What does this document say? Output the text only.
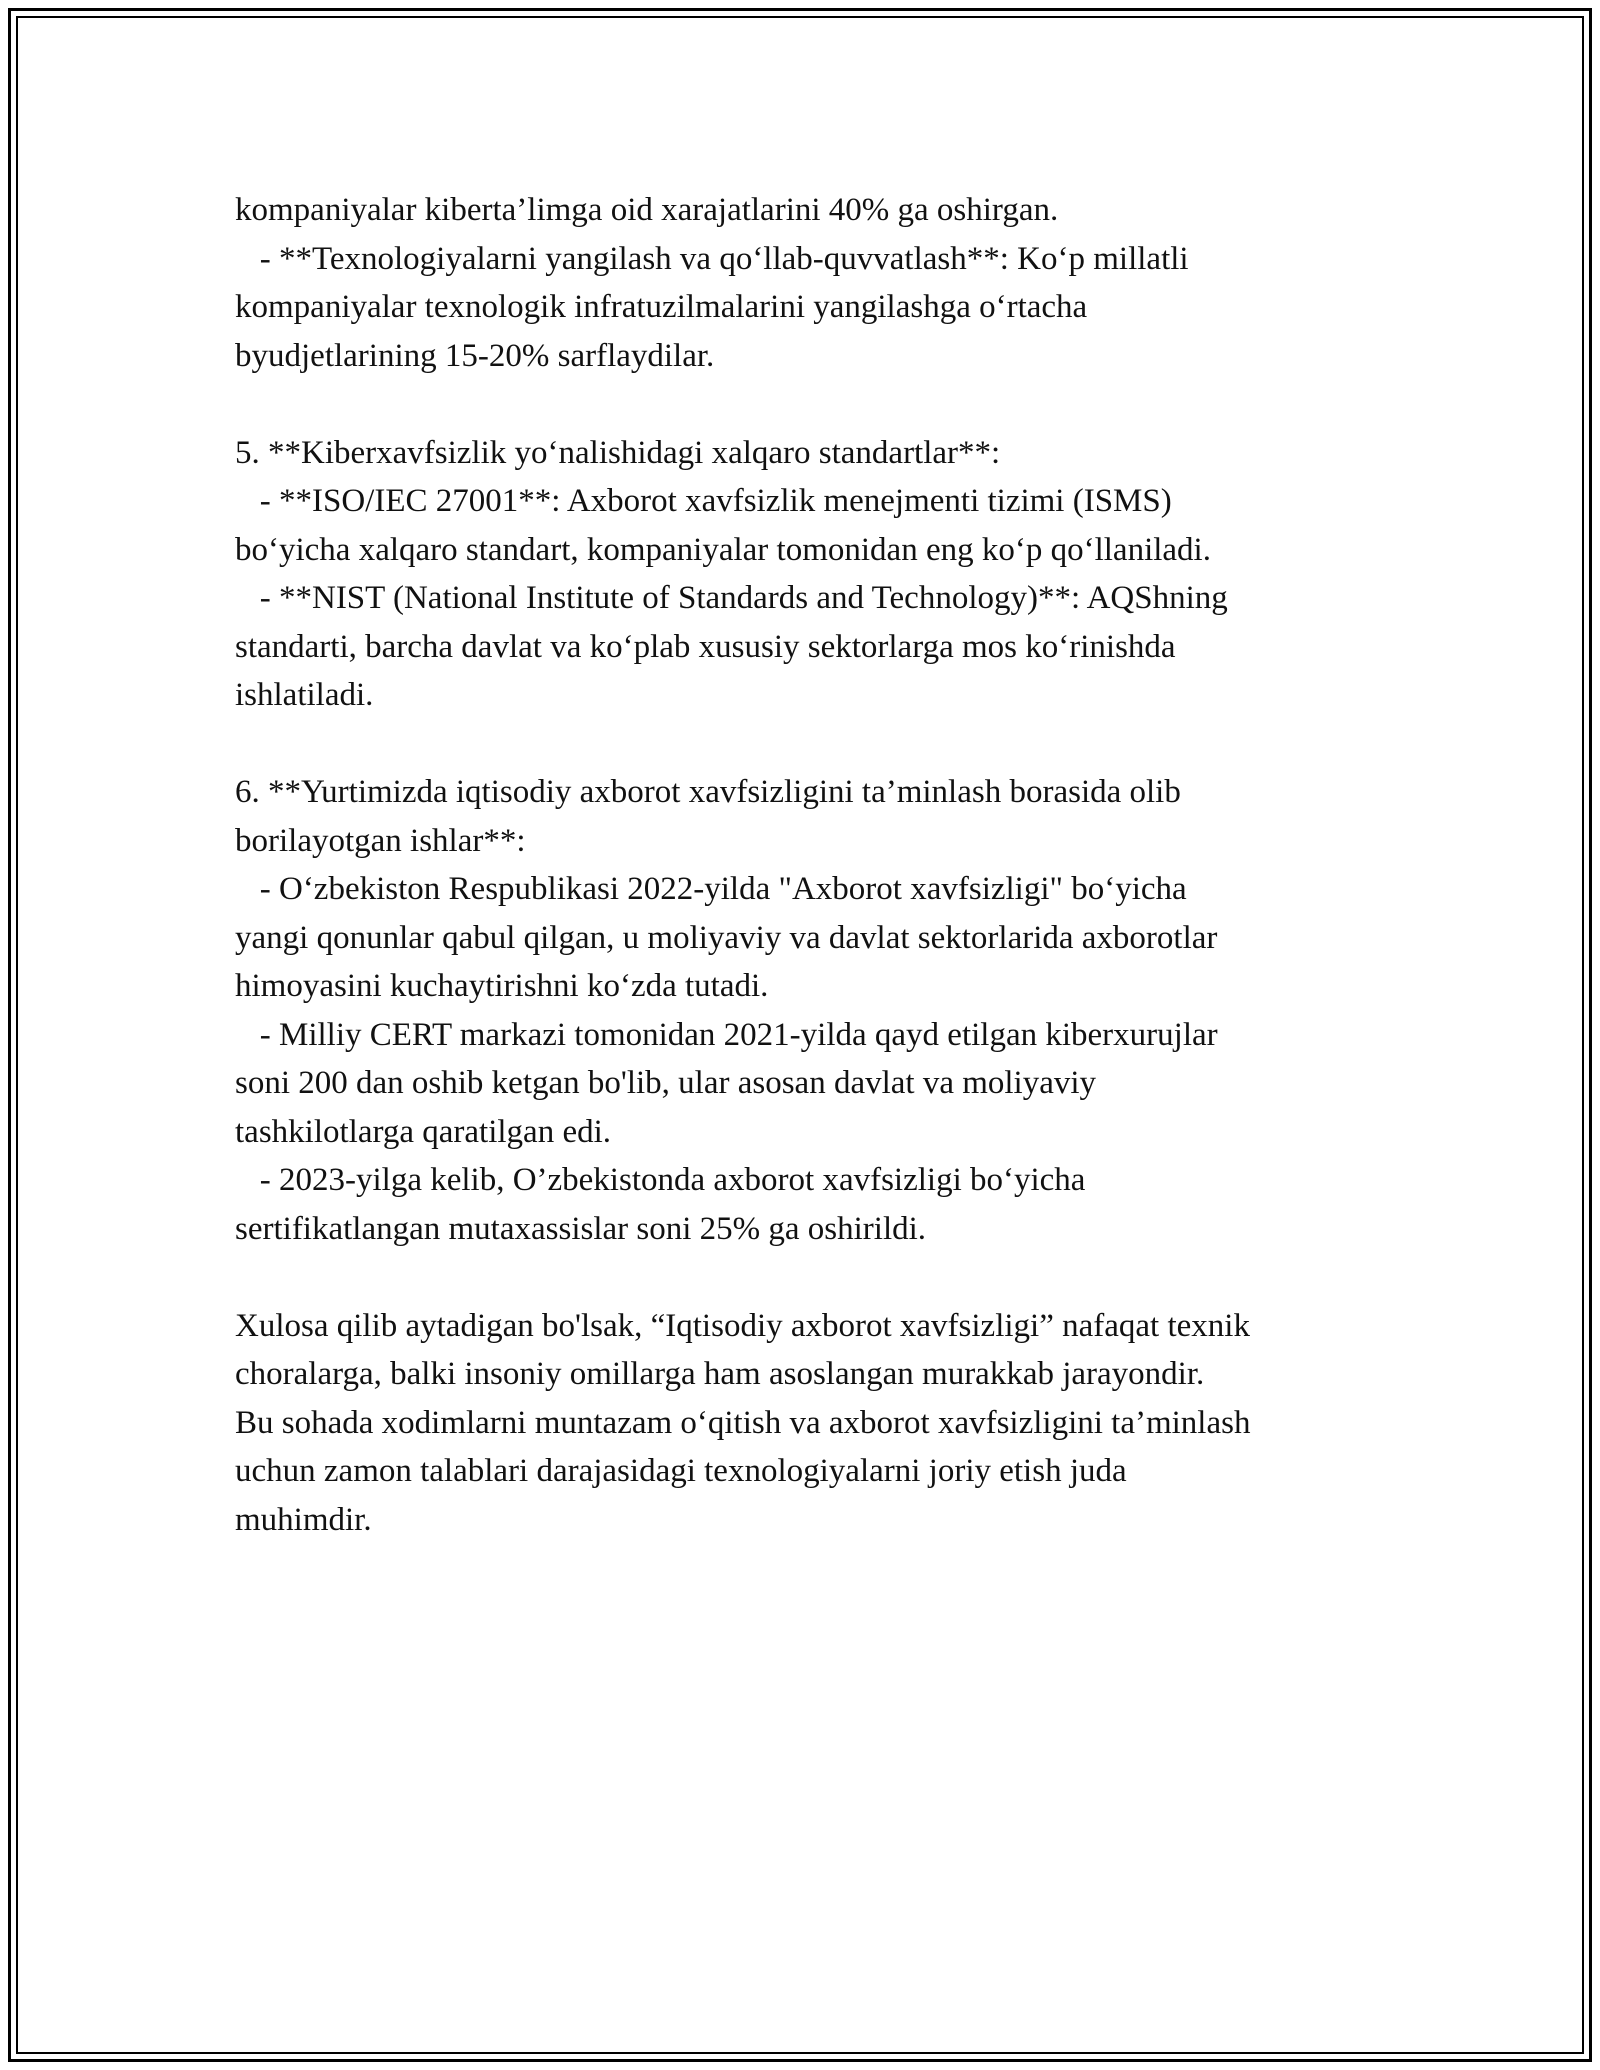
kompaniyalar kiberta’limga oid xarajatlarini 40% ga oshirgan.
- **Texnologiyalarni yangilash va qo‘llab-quvvatlash**: Ko‘p millatli
kompaniyalar texnologik infratuzilmalarini yangilashga o‘rtacha
byudjetlarining 15-20% sarflaydilar.
5. **Kiberxavfsizlik yo‘nalishidagi xalqaro standartlar**:
- **ISO/IEC 27001**: Axborot xavfsizlik menejmenti tizimi (ISMS)
bo‘yicha xalqaro standart, kompaniyalar tomonidan eng ko‘p qo‘llaniladi.
- **NIST (National Institute of Standards and Technology)**: AQShning
standarti, barcha davlat va ko‘plab xususiy sektorlarga mos ko‘rinishda
ishlatiladi.
6. **Yurtimizda iqtisodiy axborot xavfsizligini ta’minlash borasida olib
borilayotgan ishlar**:
- O‘zbekiston Respublikasi 2022-yilda "Axborot xavfsizligi" bo‘yicha
yangi qonunlar qabul qilgan, u moliyaviy va davlat sektorlarida axborotlar
himoyasini kuchaytirishni ko‘zda tutadi.
- Milliy CERT markazi tomonidan 2021-yilda qayd etilgan kiberxurujlar
soni 200 dan oshib ketgan bo'lib, ular asosan davlat va moliyaviy
tashkilotlarga qaratilgan edi.
- 2023-yilga kelib, O’zbekistonda axborot xavfsizligi bo‘yicha
sertifikatlangan mutaxassislar soni 25% ga oshirildi.
Xulosa qilib aytadigan bo'lsak, “Iqtisodiy axborot xavfsizligi” nafaqat texnik
choralarga, balki insoniy omillarga ham asoslangan murakkab jarayondir.
Bu sohada xodimlarni muntazam o‘qitish va axborot xavfsizligini ta’minlash
uchun zamon talablari darajasidagi texnologiyalarni joriy etish juda
muhimdir.
